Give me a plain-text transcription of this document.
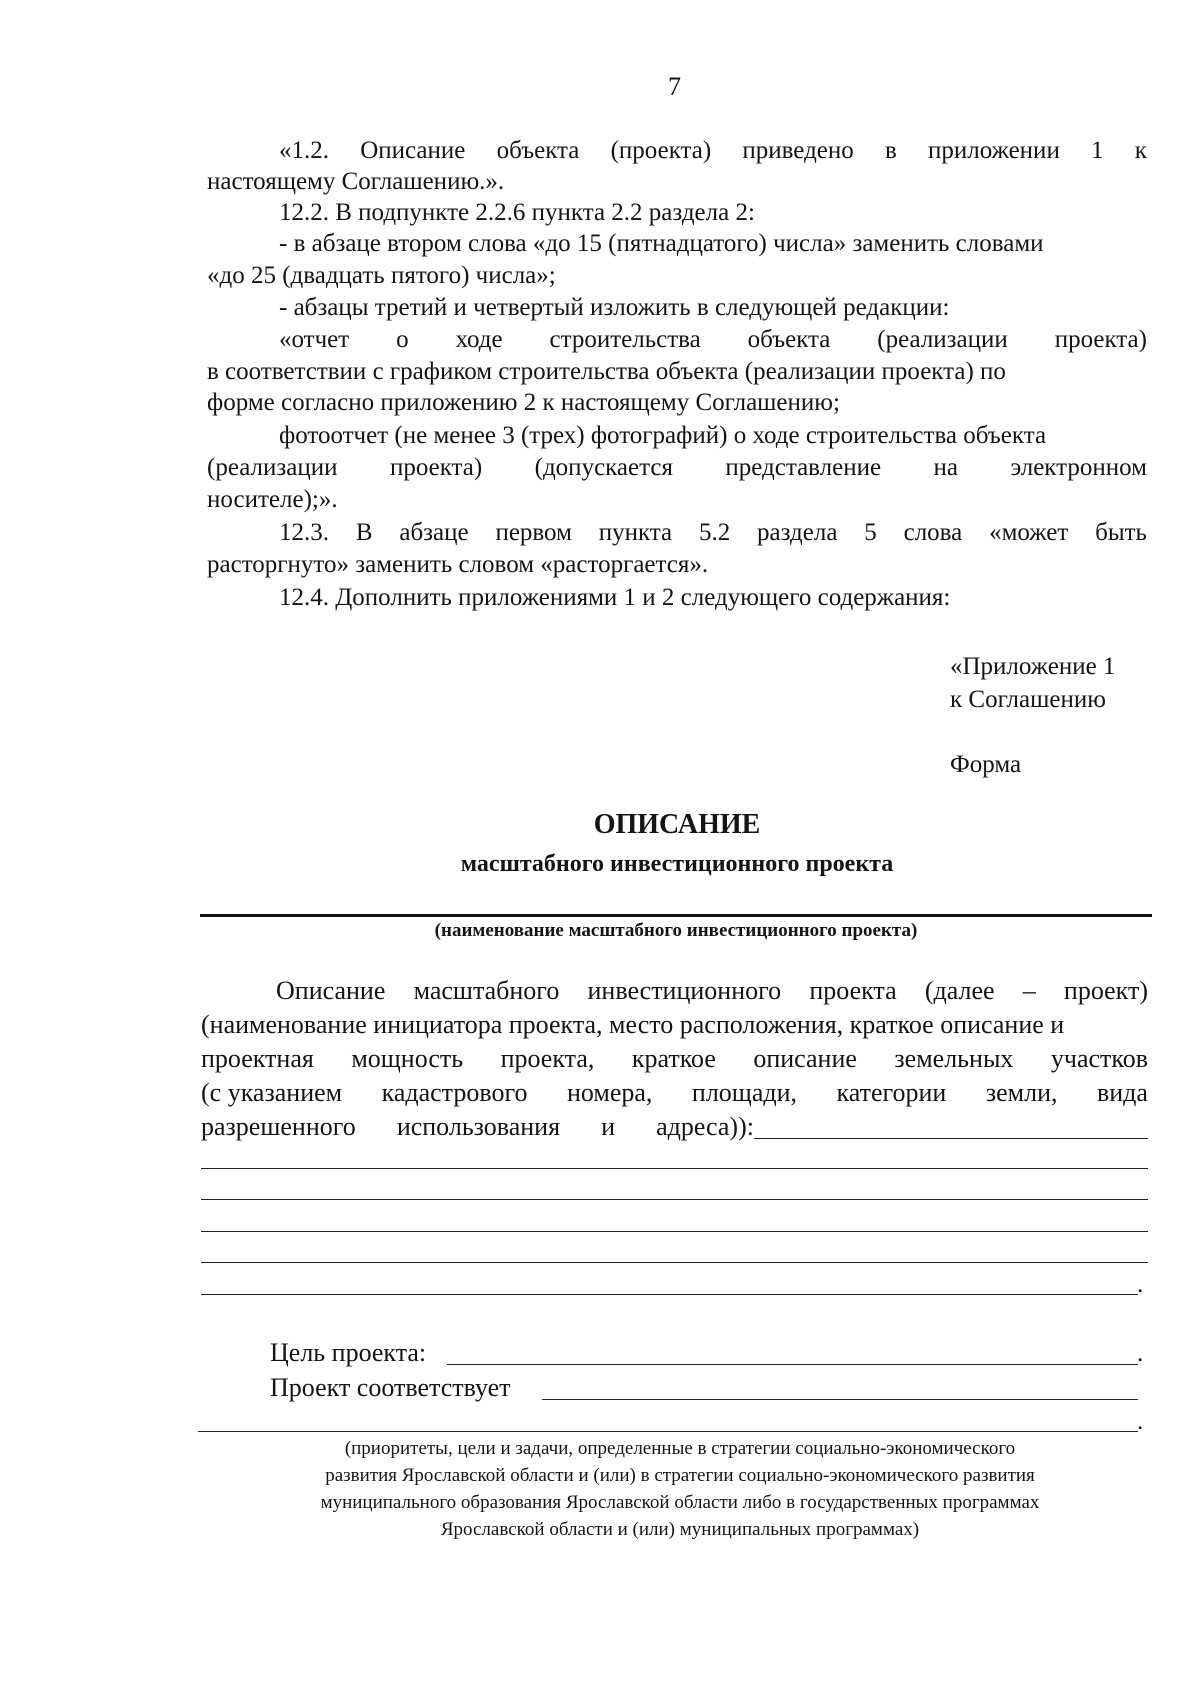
7
«1.2. Описание объекта (проекта) приведено в приложении 1 к
настоящему Соглашению.».
12.2. В подпункте 2.2.6 пункта 2.2 раздела 2:
- в абзаце втором слова «до 15 (пятнадцатого) числа» заменить словами
«до 25 (двадцать пятого) числа»;
- абзацы третий и четвертый изложить в следующей редакции:
«отчет о ходе строительства объекта (реализации проекта)
в соответствии с графиком строительства объекта (реализации проекта) по
форме согласно приложению 2 к настоящему Соглашению;
фотоотчет (не менее 3 (трех) фотографий) о ходе строительства объекта
(реализации проекта) (допускается представление на электронном
носителе);».
12.3. В абзаце первом пункта 5.2 раздела 5 слова «может быть
расторгнуто» заменить словом «расторгается».
12.4. Дополнить приложениями 1 и 2 следующего содержания:
«Приложение 1
к Соглашению
Форма
ОПИСАНИЕ
масштабного инвестиционного проекта
(наименование масштабного инвестиционного проекта)
Описание масштабного инвестиционного проекта (далее – проект)
(наименование инициатора проекта, место расположения, краткое описание и
проектная мощность проекта, краткое описание земельных участков
(с указанием кадастрового номера, площади, категории земли, вида
разрешенного использования и адреса)):
.
Цель проекта:	.
Проект соответствует
.
(приоритеты, цели и задачи, определенные в стратегии социально-экономического
развития Ярославской области и (или) в стратегии социально-экономического развития
муниципального образования Ярославской области либо в государственных программах
Ярославской области и (или) муниципальных программах)
